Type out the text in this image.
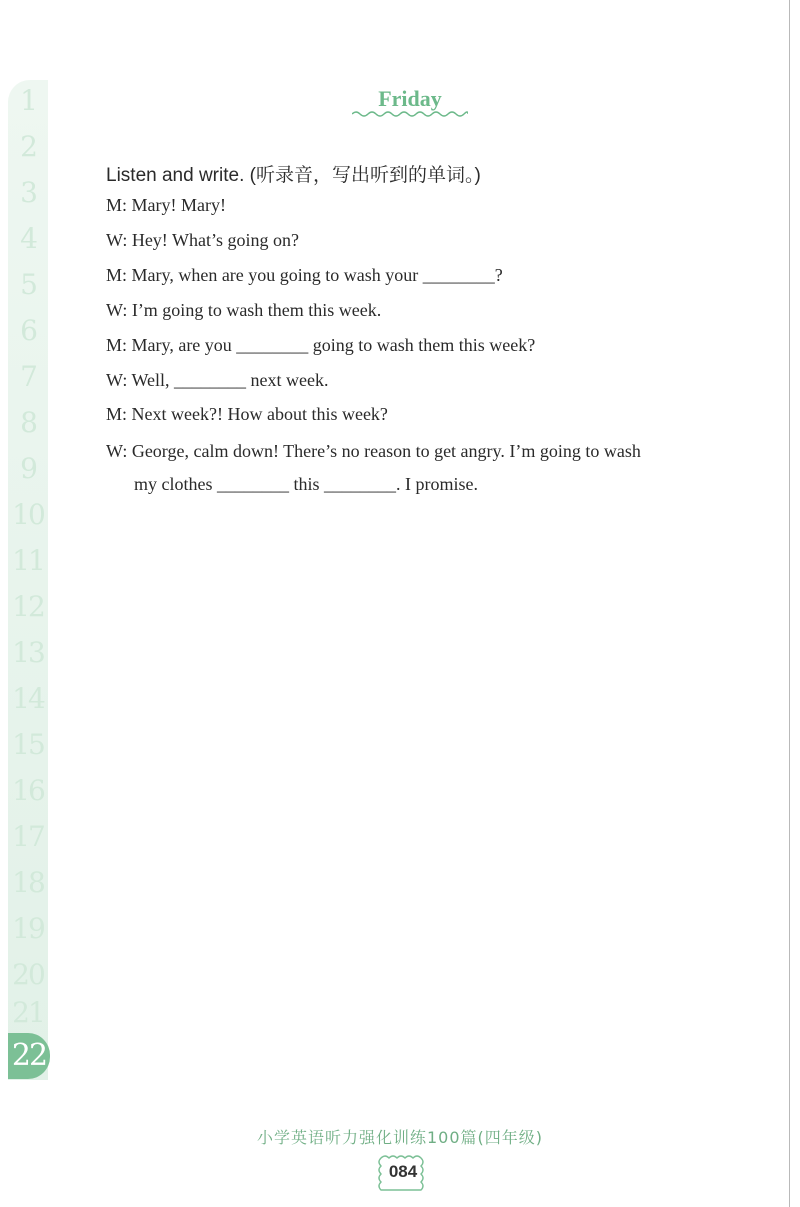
1
2
3
4
5
6
7
8
9
10
11
12
13
14
15
16
17
18
19
20
21
22
Friday
Listen and write. (听录音，写出听到的单词。)
M: Mary! Mary!
W: Hey! What’s going on?
M: Mary, when are you going to wash your ________?
W: I’m going to wash them this week.
M: Mary, are you ________ going to wash them this week?
W: Well, ________ next week.
M: Next week?! How about this week?
W: George, calm down! There’s no reason to get angry. I’m going to wash
my clothes ________ this ________. I promise.
小学英语听力强化训练100篇(四年级)
084
